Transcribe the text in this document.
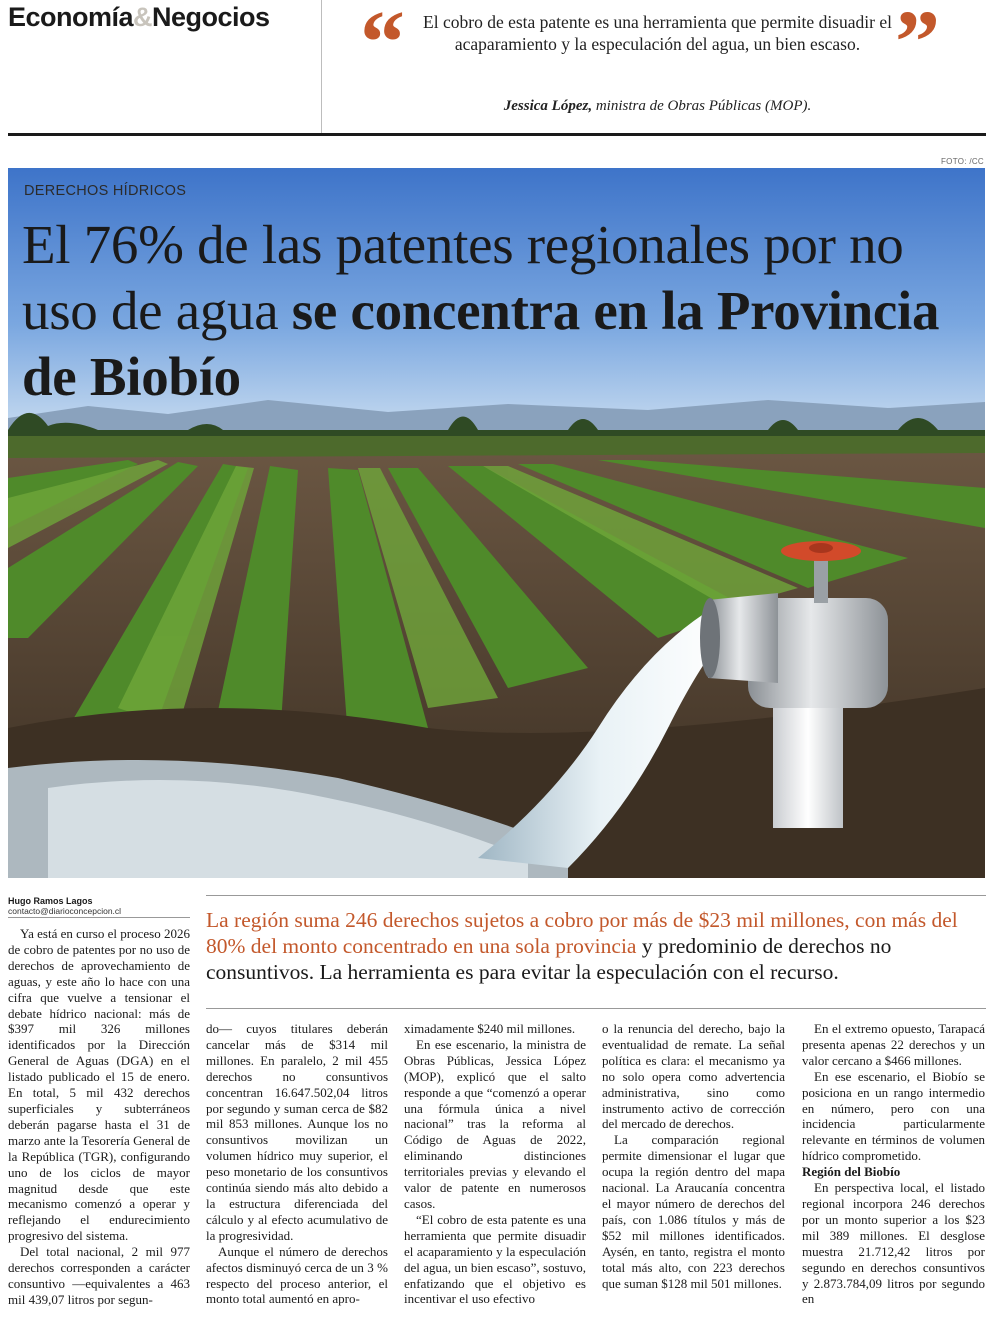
Economía&Negocios “	”
El cobro de esta patente es una herramienta que permite disuadir el acaparamiento y la especulación del agua, un bien escaso.
Jessica López, ministra de Obras Públicas (MOP).
FOTO: /CC
DERECHOS HÍDRICOS
El 76% de las patentes regionales por no uso de agua se concentra en la Provincia de Biobío
Hugo Ramos Lagos
contacto@diarioconcepcion.cl	La región suma 246 derechos sujetos a cobro por más de $23 mil millones, con más del 80% del monto concentrado en una sola provincia y predominio de derechos no consuntivos. La herramienta es para evitar la especulación con el recurso.

Ya está en curso el proceso 2026 de cobro de patentes por no uso de derechos de aprovechamiento de aguas, y este año lo hace con una cifra que vuelve a tensionar el debate hídrico nacional: más de $397 mil 326 millones identificados por la Dirección General de Aguas (DGA) en el listado publicado el 15 de enero. En total, 5 mil 432 derechos superficiales y subterráneos deberán pagarse hasta el 31 de marzo ante la Tesorería General de la República (TGR), configurando uno de los ciclos de mayor magnitud desde que este mecanismo comenzó a operar y reflejando el endurecimiento progresivo del sistema.

Del total nacional, 2 mil 977 derechos corresponden a carácter consuntivo —equivalentes a 463 mil 439,07 litros por segun-

do— cuyos titulares deberán cancelar más de $314 mil millones. En paralelo, 2 mil 455 derechos no consuntivos concentran 16.647.502,04 litros por segundo y suman cerca de $82 mil 853 millones. Aunque los no consuntivos movilizan un volumen hídrico muy superior, el peso monetario de los consuntivos continúa siendo más alto debido a la estructura diferenciada del cálculo y al efecto acumulativo de la progresividad.

Aunque el número de derechos afectos disminuyó cerca de un 3 % respecto del proceso anterior, el monto total aumentó en apro-

ximadamente $240 mil millones.

En ese escenario, la ministra de Obras Públicas, Jessica López (MOP), explicó que el salto responde a que “comenzó a operar una fórmula única a nivel nacional” tras la reforma al Código de Aguas de 2022, eliminando distinciones territoriales previas y elevando el valor de patente en numerosos casos.

“El cobro de esta patente es una herramienta que permite disuadir el acaparamiento y la especulación del agua, un bien escaso”, sostuvo, enfatizando que el objetivo es incentivar el uso efectivo

o la renuncia del derecho, bajo la eventualidad de remate. La señal política es clara: el mecanismo ya no solo opera como advertencia administrativa, sino como instrumento activo de corrección del mercado de derechos.

La comparación regional permite dimensionar el lugar que ocupa la región dentro del mapa nacional. La Araucanía concentra el mayor número de derechos del país, con 1.086 títulos y más de $52 mil millones identificados. Aysén, en tanto, registra el monto total más alto, con 223 derechos que suman $128 mil 501 millones.

En el extremo opuesto, Tarapacá presenta apenas 22 derechos y un valor cercano a $466 millones.

En ese escenario, el Biobío se posiciona en un rango intermedio en número, pero con una incidencia particularmente relevante en términos de volumen hídrico comprometido.

Región del Biobío

En perspectiva local, el listado regional incorpora 246 derechos por un monto superior a los $23 mil 389 millones. El desglose muestra 21.712,42 litros por segundo en derechos consuntivos y 2.873.784,09 litros por segundo en
